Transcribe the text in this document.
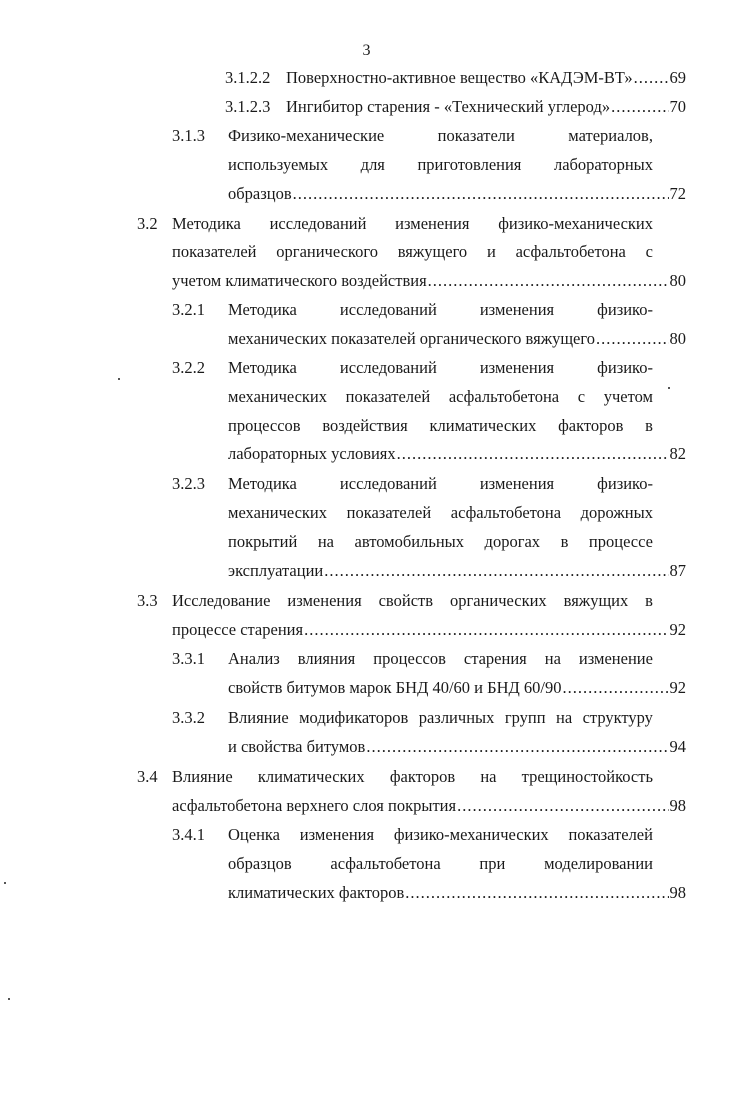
3
3.1.2.2 Поверхностно-активное вещество «КАДЭМ-ВТ» ..... 69
3.1.2.3 Ингибитор старения - «Технический углерод» .....	70
3.1.3 Физико-механические	показатели	материалов,
используемых для приготовления лабораторных
образцов .....	72
3.2 Методика исследований изменения физико-механических
показателей органического вяжущего и асфальтобетона с
учетом климатического воздействия .....	80
3.2.1 Методика	исследований	изменения	физико-
механических показателей органического вяжущего .....	80
3.2.2 Методика	исследований	изменения	физико-
механических показателей асфальтобетона с учетом
процессов воздействия климатических факторов в
лабораторных условиях .....	82
3.2.3 Методика	исследований	изменения	физико-
механических показателей асфальтобетона дорожных
покрытий на автомобильных дорогах в процессе
эксплуатации .....	87
3.3 Исследование изменения свойств органических вяжущих в
процессе старения .....	92
3.3.1 Анализ влияния процессов старения на изменение
свойств битумов марок БНД 40/60 и БНД 60/90 .....	92
3.3.2 Влияние модификаторов различных групп на структуру
и свойства битумов .....	94
3.4 Влияние климатических факторов на трещиностойкость
асфальтобетона верхнего слоя покрытия .....	98
3.4.1 Оценка изменения физико-механических показателей
образцов асфальтобетона при моделировании
климатических факторов .....	98
